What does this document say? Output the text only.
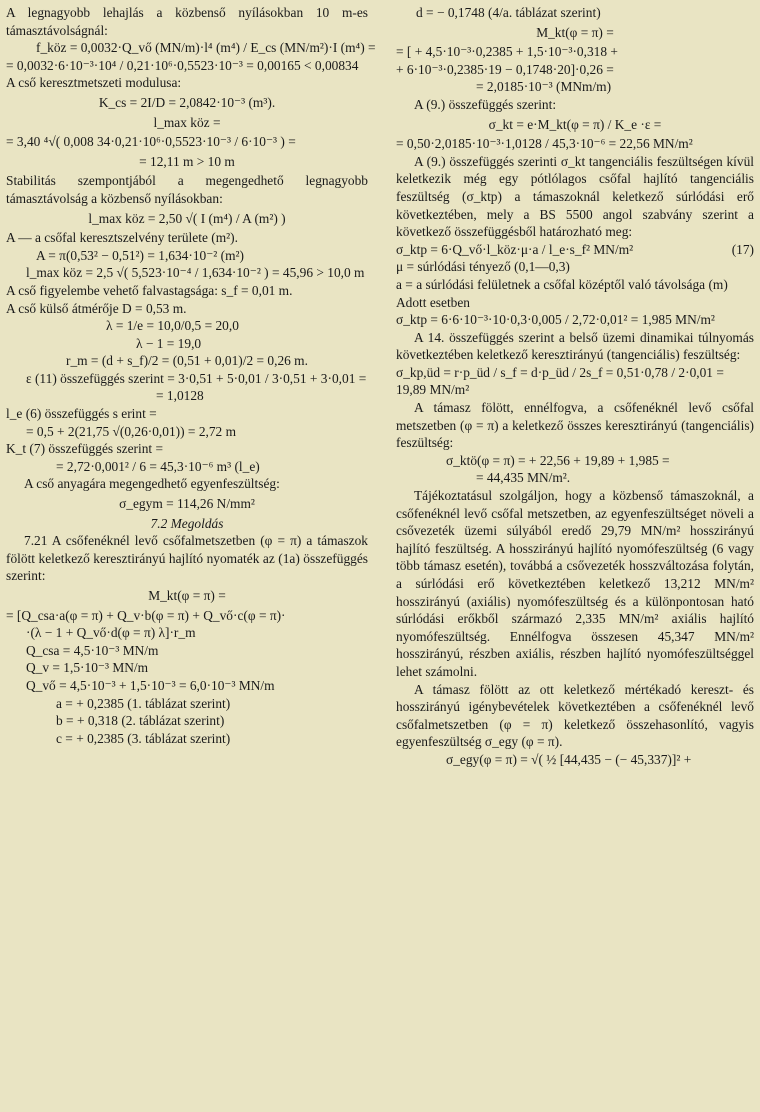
A legnagyobb lehajlás a közbenső nyílásokban 10 m-es támasztávolságnál:
f_köz = 0,0032·Q_vő (MN/m)·l⁴ (m⁴) / E_cs (MN/m²)·I (m⁴) =
= 0,0032·6·10⁻³·10⁴ / 0,21·10⁶·0,5523·10⁻³ = 0,00165 < 0,00834
A cső keresztmetszeti modulusa:
K_cs = 2I/D = 2,0842·10⁻³ (m³).
l_max köz =
= 3,40 ⁴√( 0,008 34·0,21·10⁶·0,5523·10⁻³ / 6·10⁻³ ) =
= 12,11 m > 10 m
Stabilitás szempontjából a megengedhető legnagyobb támasztávolság a közbenső nyílásokban:
l_max köz = 2,50 √( I (m⁴) / A (m²) )
A — a csőfal keresztszelvény területe (m²).
A = π(0,53² − 0,51²) = 1,634·10⁻² (m²)
l_max köz = 2,5 √( 5,523·10⁻⁴ / 1,634·10⁻² ) = 45,96 > 10,0 m
A cső figyelembe vehető falvastagsága: s_f = 0,01 m.
A cső külső átmérője D = 0,53 m.
λ = 1/e = 10,0/0,5 = 20,0
λ − 1 = 19,0
r_m = (d + s_f)/2 = (0,51 + 0,01)/2 = 0,26 m.
ε (11) összefüggés szerint = 3·0,51 + 5·0,01 / 3·0,51 + 3·0,01 =
= 1,0128
l_e (6) összefüggés s erint =
= 0,5 + 2(21,75 √(0,26·0,01)) = 2,72 m
K_t (7) összefüggés szerint =
= 2,72·0,001² / 6 = 45,3·10⁻⁶ m³ (l_e)
A cső anyagára megengedhető egyenfeszültség:
σ_egym = 114,26 N/mm²
7.2 Megoldás
7.21 A csőfenéknél levő csőfalmetszetben (φ = π) a támaszok fölött keletkező keresztirányú hajlító nyomaték az (1a) összefüggés szerint:
M_kt(φ = π) =
= [Q_csa·a(φ = π) + Q_v·b(φ = π) + Q_vő·c(φ = π)·
·(λ − 1 + Q_vő·d(φ = π) λ]·r_m
Q_csa = 4,5·10⁻³ MN/m
Q_v = 1,5·10⁻³ MN/m
Q_vő = 4,5·10⁻³ + 1,5·10⁻³ = 6,0·10⁻³ MN/m
a = + 0,2385 (1. táblázat szerint)
b = + 0,318 (2. táblázat szerint)
c = + 0,2385 (3. táblázat szerint)
d = − 0,1748 (4/a. táblázat szerint)
M_kt(φ = π) =
= [ + 4,5·10⁻³·0,2385 + 1,5·10⁻³·0,318 +
+ 6·10⁻³·0,2385·19 − 0,1748·20]·0,26 =
= 2,0185·10⁻³ (MNm/m)
A (9.) összefüggés szerint:
σ_kt = e·M_kt(φ = π) / K_e ·ε =
= 0,50·2,0185·10⁻³·1,0128 / 45,3·10⁻⁶ = 22,56 MN/m²
A (9.) összefüggés szerinti σ_kt tangenciális feszültségen kívül keletkezik még egy pótlólagos csőfal hajlító tangenciális feszültség (σ_ktp) a támaszoknál keletkező súrlódási erő következtében, mely a BS 5500 angol szabvány szerint a következő összefüggésből határozható meg:
σ_ktp = 6·Q_vő·l_köz·μ·a / l_e·s_f² MN/m²	(17)
μ = súrlódási tényező (0,1—0,3)
a = a súrlódási felületnek a csőfal középtől való távolsága (m)
Adott esetben
σ_ktp = 6·6·10⁻³·10·0,3·0,005 / 2,72·0,01² = 1,985 MN/m²
A 14. összefüggés szerint a belső üzemi dinamikai túlnyomás következtében keletkező keresztirányú (tangenciális) feszültség:
σ_kp,üd = r·p_üd / s_f = d·p_üd / 2s_f = 0,51·0,78 / 2·0,01 =
19,89 MN/m²
A támasz fölött, ennélfogva, a csőfenéknél levő csőfal metszetben (φ = π) a keletkező összes keresztirányú (tangenciális) feszültség:
σ_ktö(φ = π) = + 22,56 + 19,89 + 1,985 =
= 44,435 MN/m².
Tájékoztatásul szolgáljon, hogy a közbenső támaszoknál, a csőfenéknél levő csőfal metszetben, az egyenfeszültséget növeli a csővezeték üzemi súlyából eredő 29,79 MN/m² hosszirányú hajlító feszültség. A hosszirányú hajlító nyomófeszültség (6 vagy több támasz esetén), továbbá a csővezeték hosszváltozása folytán, a súrlódási erő következtében keletkező 13,212 MN/m² hosszirányú (axiális) nyomófeszültség és a különpontosan ható súrlódási erőkből származó 2,335 MN/m² axiális hajlító nyomófeszültség. Ennélfogva összesen 45,347 MN/m² hosszirányú, részben axiális, részben hajlító nyomófeszültséggel lehet számolni.
A támasz fölött az ott keletkező mértékadó kereszt- és hosszirányú igénybevételek következtében a csőfenéknél levő csőfalmetszetben (φ = π) keletkező összehasonlító, vagyis egyenfeszültség σ_egy (φ = π).
σ_egy(φ = π) = √( ½ [44,435 − (− 45,337)]² +
